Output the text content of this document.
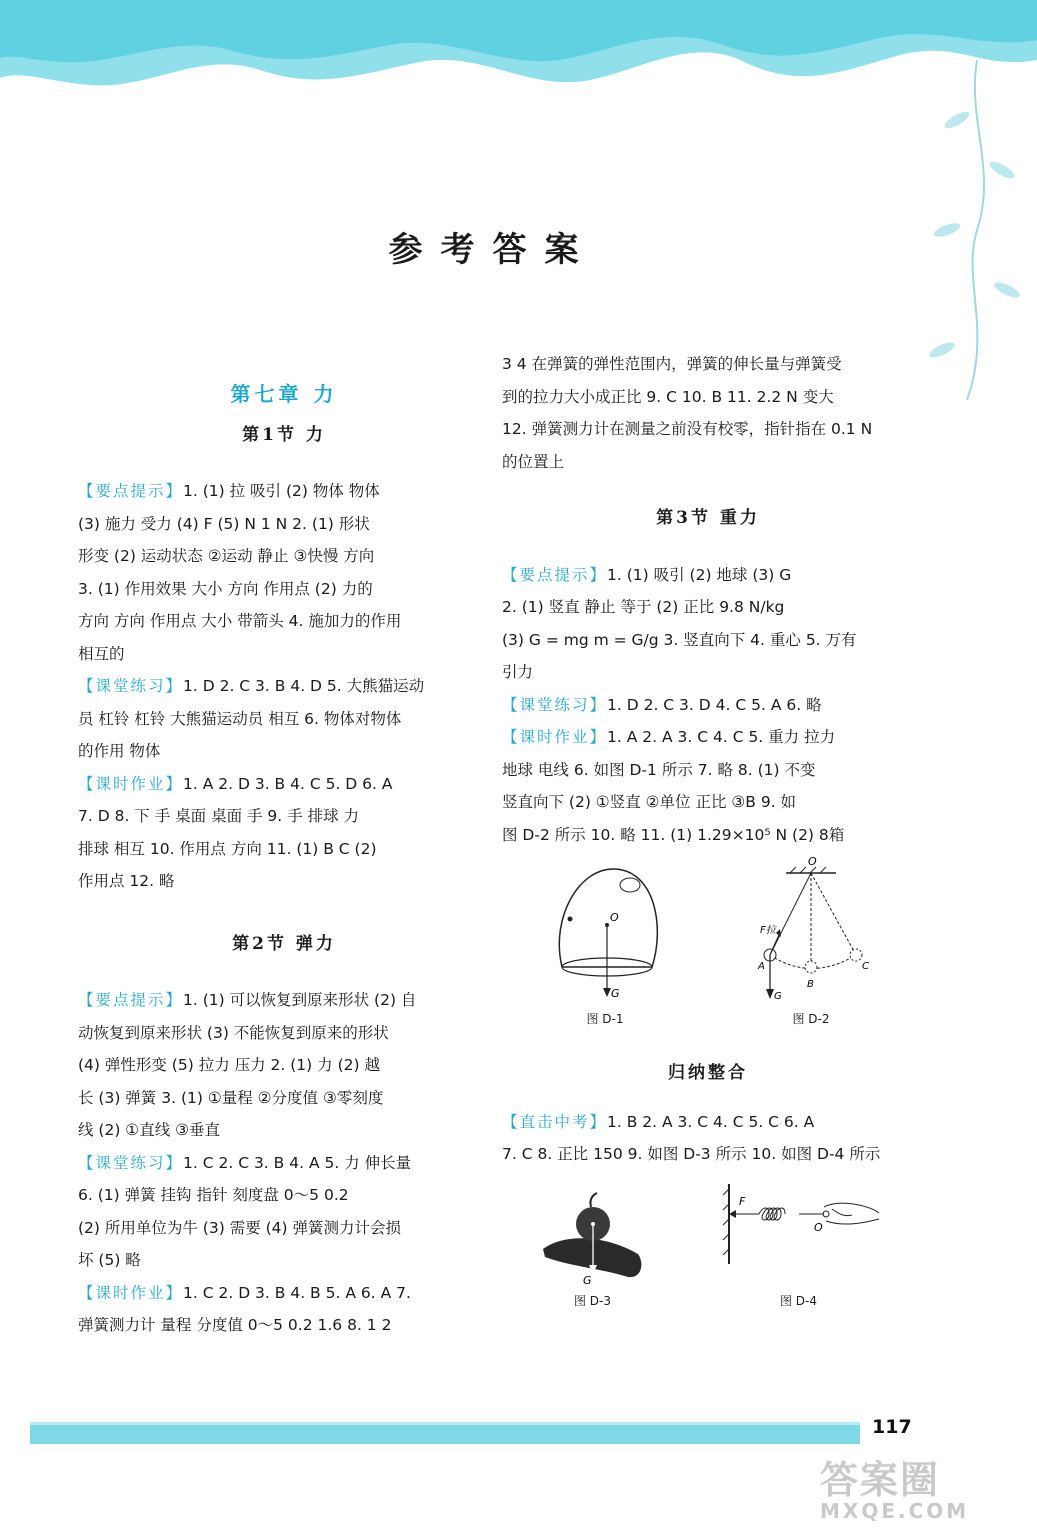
参考答案
第七章 力
第1节 力
【要点提示】1. (1) 拉 吸引 (2) 物体 物体
(3) 施力 受力 (4) F (5) N 1 N 2. (1) 形状
形变 (2) 运动状态 ②运动 静止 ③快慢 方向
3. (1) 作用效果 大小 方向 作用点 (2) 力的
方向 方向 作用点 大小 带箭头 4. 施加力的作用
相互的
【课堂练习】1. D 2. C 3. B 4. D 5. 大熊猫运动
员 杠铃 杠铃 大熊猫运动员 相互 6. 物体对物体
的作用 物体
【课时作业】1. A 2. D 3. B 4. C 5. D 6. A
7. D 8. 下 手 桌面 桌面 手 9. 手 排球 力
排球 相互 10. 作用点 方向 11. (1) B C (2)
作用点 12. 略
第2节 弹力
【要点提示】1. (1) 可以恢复到原来形状 (2) 自
动恢复到原来形状 (3) 不能恢复到原来的形状
(4) 弹性形变 (5) 拉力 压力 2. (1) 力 (2) 越
长 (3) 弹簧 3. (1) ①量程 ②分度值 ③零刻度
线 (2) ①直线 ③垂直
【课堂练习】1. C 2. C 3. B 4. A 5. 力 伸长量
6. (1) 弹簧 挂钩 指针 刻度盘 0～5 0.2
(2) 所用单位为牛 (3) 需要 (4) 弹簧测力计会损
坏 (5) 略
【课时作业】1. C 2. D 3. B 4. B 5. A 6. A 7.
弹簧测力计 量程 分度值 0～5 0.2 1.6 8. 1 2
3 4 在弹簧的弹性范围内，弹簧的伸长量与弹簧受
到的拉力大小成正比 9. C 10. B 11. 2.2 N 变大
12. 弹簧测力计在测量之前没有校零，指针指在 0.1 N
的位置上
第3节 重力
【要点提示】1. (1) 吸引 (2) 地球 (3) G
2. (1) 竖直 静止 等于 (2) 正比 9.8 N/kg
(3) G = mg m = G/g 3. 竖直向下 4. 重心 5. 万有
引力
【课堂练习】1. D 2. C 3. D 4. C 5. A 6. 略
【课时作业】1. A 2. A 3. C 4. C 5. 重力 拉力
地球 电线 6. 如图 D-1 所示 7. 略 8. (1) 不变
竖直向下 (2) ①竖直 ②单位 正比 ③B 9. 如
图 D-2 所示 10. 略 11. (1) 1.29×10⁵ N (2) 8箱
O
G
图 D-1
O
F拉
A
B
C
G
图 D-2
归纳整合
【直击中考】1. B 2. A 3. C 4. C 5. C 6. A
7. C 8. 正比 150 9. 如图 D-3 所示 10. 如图 D-4 所示
G
图 D-3
F
O
图 D-4
117
答案圈
MXQE.COM
